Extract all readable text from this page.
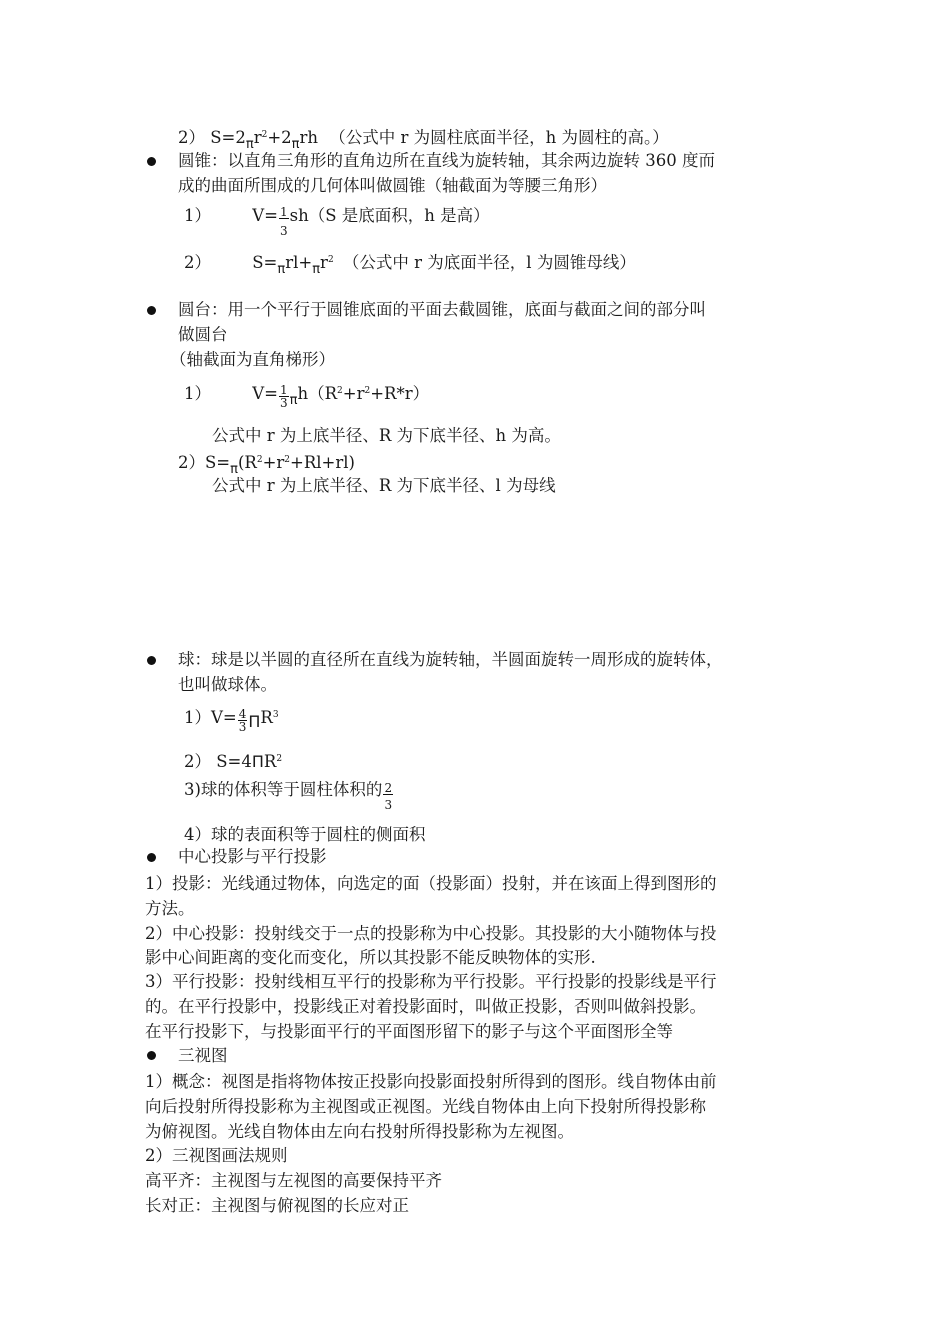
2） $S=2_\pi r^2+2_\pi rh$ （公式中 r 为圆柱底面半径，h 为圆柱的高。）
圆锥：以直角三角形的直角边所在直线为旋转轴，其余两边旋转 360 度而
成的曲面所围成的几何体叫做圆锥（轴截面为等腰三角形）
1）	$V= \frac{1}{3} sh(S$ 是底面积，h 是高）
2）	$S=_\pi rl+_\pi r^2$ （公式中 r 为底面半径，l 为圆锥母线）
圆台：用一个平行于圆锥底面的平面去截圆锥，底面与截面之间的部分叫
做圆台
（轴截面为直角梯形）
1）	$V= \frac{1}{3} _\pi h(R^2+r^2+R*r)$
公式中 r 为上底半径、R 为下底半径、h 为高。
$2)S=_\pi(R^2+r^2+Rl+rl)$
公式中 r 为上底半径、R 为下底半径、l 为母线
球：球是以半圆的直径所在直线为旋转轴，半圆面旋转一周形成的旋转体，
也叫做球体。
$1)V= \frac{4}{3} \Pi R^3$
2） $S=4\Pi R^2$
3)球的体积等于圆柱体积的 $\frac{2}{3}$
4）球的表面积等于圆柱的侧面积
中心投影与平行投影
1）投影：光线通过物体，向选定的面（投影面）投射，并在该面上得到图形的
方法。
2）中心投影：投射线交于一点的投影称为中心投影。其投影的大小随物体与投
影中心间距离的变化而变化，所以其投影不能反映物体的实形.
3）平行投影：投射线相互平行的投影称为平行投影。平行投影的投影线是平行
的。在平行投影中，投影线正对着投影面时，叫做正投影，否则叫做斜投影。
在平行投影下，与投影面平行的平面图形留下的影子与这个平面图形全等
三视图
1）概念：视图是指将物体按正投影向投影面投射所得到的图形。线自物体由前
向后投射所得投影称为主视图或正视图。光线自物体由上向下投射所得投影称
为俯视图。光线自物体由左向右投射所得投影称为左视图。
2）三视图画法规则
高平齐：主视图与左视图的高要保持平齐
长对正：主视图与俯视图的长应对正
